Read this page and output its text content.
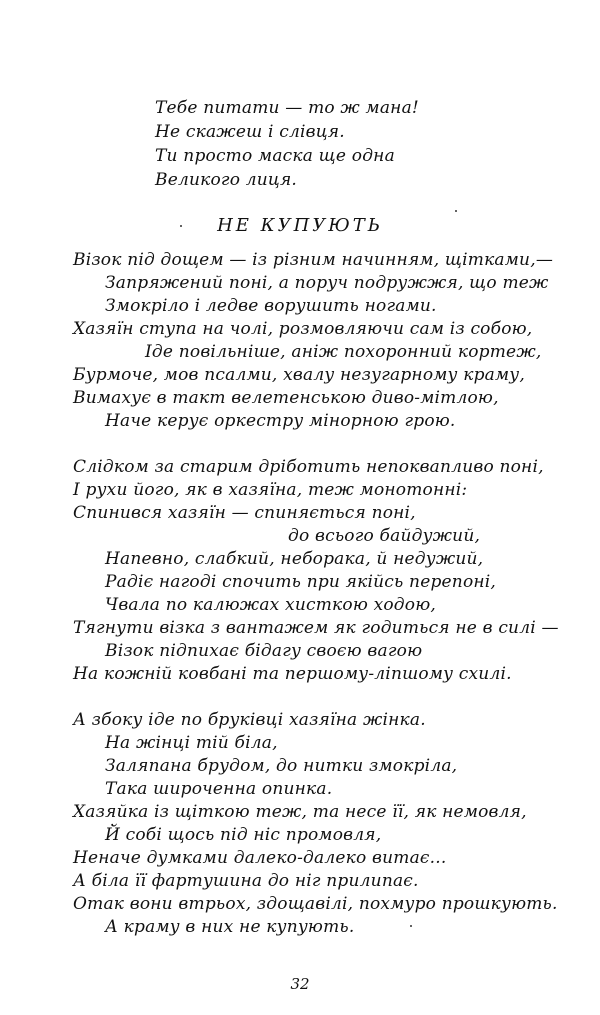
Тебе питати — то ж мана!
Не скажеш і слівця.
Ти просто маска ще одна
Великого лиця.
НЕ КУПУЮТЬ
Візок під дощем — із різним начинням, щітками,—
Запряжений поні, а поруч подружжя, що теж
Змокріло і ледве ворушить ногами.
Хазяїн ступа на чолі, розмовляючи сам із собою,
Іде повільніше, аніж похоронний кортеж,
Бурмоче, мов псалми, хвалу незугарному краму,
Вимахує в такт велетенською диво-мітлою,
Наче керує оркестру мінорною грою.
Слідком за старим дріботить непоквапливо поні,
І рухи його, як в хазяїна, теж монотонні:
Спинився хазяїн — спиняється поні,
до всього байдужий,
Напевно, слабкий, неборака, й недужий,
Радіє нагоді спочить при якійсь перепоні,
Чвала по калюжах хисткою ходою,
Тягнути візка з вантажем як годиться не в силі —
Візок підпихає бідагу своєю вагою
На кожній ковбані та першому-ліпшому схилі.
А збоку іде по бруківці хазяїна жінка.
На жінці тій біла,
Заляпана брудом, до нитки змокріла,
Така широченна опинка.
Хазяйка із щіткою теж, та несе її, як немовля,
Й собі щось під ніс промовля,
Неначе думками далеко-далеко витає...
А біла її фартушина до ніг прилипає.
Отак вони втрьох, здощавілі, похмуро прошкують.
А краму в них не купують.
32
